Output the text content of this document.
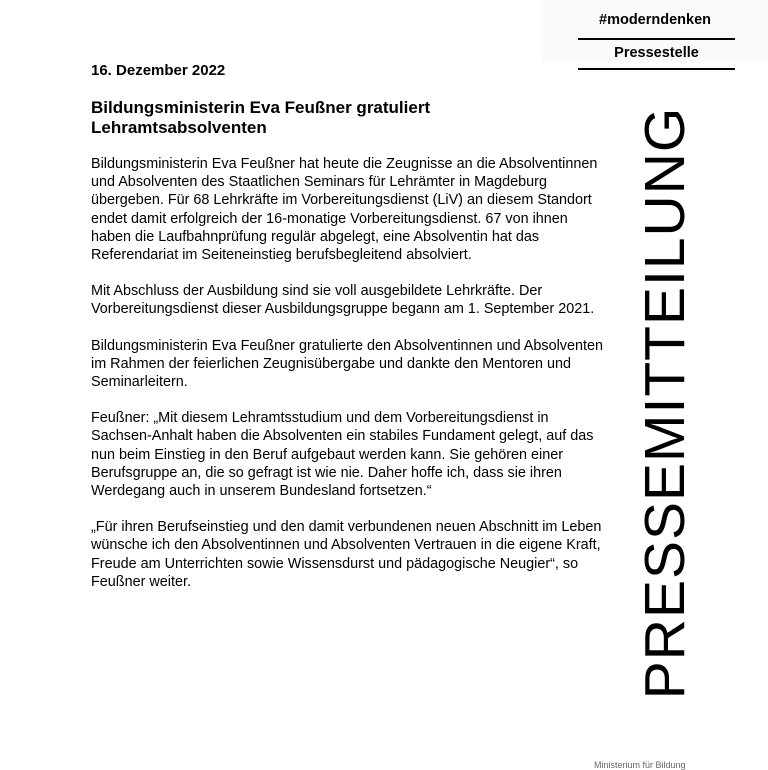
#moderndenken
Pressestelle
16. Dezember 2022
Bildungsministerin Eva Feußner gratuliert Lehramtsabsolventen

Bildungsministerin Eva Feußner hat heute die Zeugnisse an die Absolventinnen und Absolventen des Staatlichen Seminars für Lehrämter in Magdeburg übergeben. Für 68 Lehrkräfte im Vorbereitungsdienst (LiV) an diesem Standort endet damit erfolgreich der 16-monatige Vorbereitungsdienst. 67 von ihnen haben die Laufbahnprüfung regulär abgelegt, eine Absolventin hat das Referendariat im Seiteneinstieg berufsbegleitend absolviert.

Mit Abschluss der Ausbildung sind sie voll ausgebildete Lehrkräfte. Der Vorbereitungsdienst dieser Ausbildungsgruppe begann am 1. September 2021.

Bildungsministerin Eva Feußner gratulierte den Absolventinnen und Absolventen im Rahmen der feierlichen Zeugnisübergabe und dankte den Mentoren und Seminarleitern.

Feußner: „Mit diesem Lehramtsstudium und dem Vorbereitungsdienst in Sachsen-Anhalt haben die Absolventen ein stabiles Fundament gelegt, auf das nun beim Einstieg in den Beruf aufgebaut werden kann. Sie gehören einer Berufsgruppe an, die so gefragt ist wie nie. Daher hoffe ich, dass sie ihren Werdegang auch in unserem Bundesland fortsetzen.“

„Für ihren Berufseinstieg und den damit verbundenen neuen Abschnitt im Leben wünsche ich den Absolventinnen und Absolventen Vertrauen in die eigene Kraft, Freude am Unterrichten sowie Wissensdurst und pädagogische Neugier“, so Feußner weiter.	PRESSEMITTEILUNG
Ministerium für Bildung
